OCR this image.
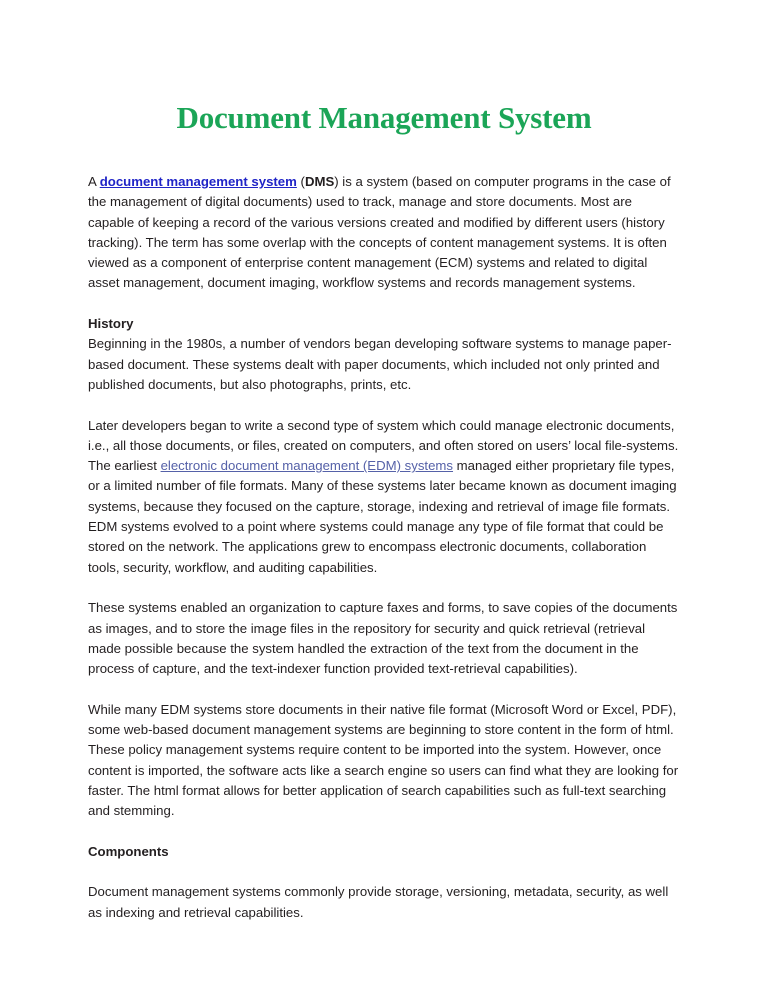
Document Management System

A document management system (DMS) is a system (based on computer programs in the case of the management of digital documents) used to track, manage and store documents. Most are capable of keeping a record of the various versions created and modified by different users (history tracking). The term has some overlap with the concepts of content management systems. It is often viewed as a component of enterprise content management (ECM) systems and related to digital asset management, document imaging, workflow systems and records management systems.

History

Beginning in the 1980s, a number of vendors began developing software systems to manage paper-based document. These systems dealt with paper documents, which included not only printed and published documents, but also photographs, prints, etc.

Later developers began to write a second type of system which could manage electronic documents, i.e., all those documents, or files, created on computers, and often stored on users’ local file-systems. The earliest electronic document management (EDM) systems managed either proprietary file types, or a limited number of file formats. Many of these systems later became known as document imaging systems, because they focused on the capture, storage, indexing and retrieval of image file formats. EDM systems evolved to a point where systems could manage any type of file format that could be stored on the network. The applications grew to encompass electronic documents, collaboration tools, security, workflow, and auditing capabilities.

These systems enabled an organization to capture faxes and forms, to save copies of the documents as images, and to store the image files in the repository for security and quick retrieval (retrieval made possible because the system handled the extraction of the text from the document in the process of capture, and the text-indexer function provided text-retrieval capabilities).

While many EDM systems store documents in their native file format (Microsoft Word or Excel, PDF), some web-based document management systems are beginning to store content in the form of html. These policy management systems require content to be imported into the system. However, once content is imported, the software acts like a search engine so users can find what they are looking for faster. The html format allows for better application of search capabilities such as full-text searching and stemming.

Components

Document management systems commonly provide storage, versioning, metadata, security, as well as indexing and retrieval capabilities.
